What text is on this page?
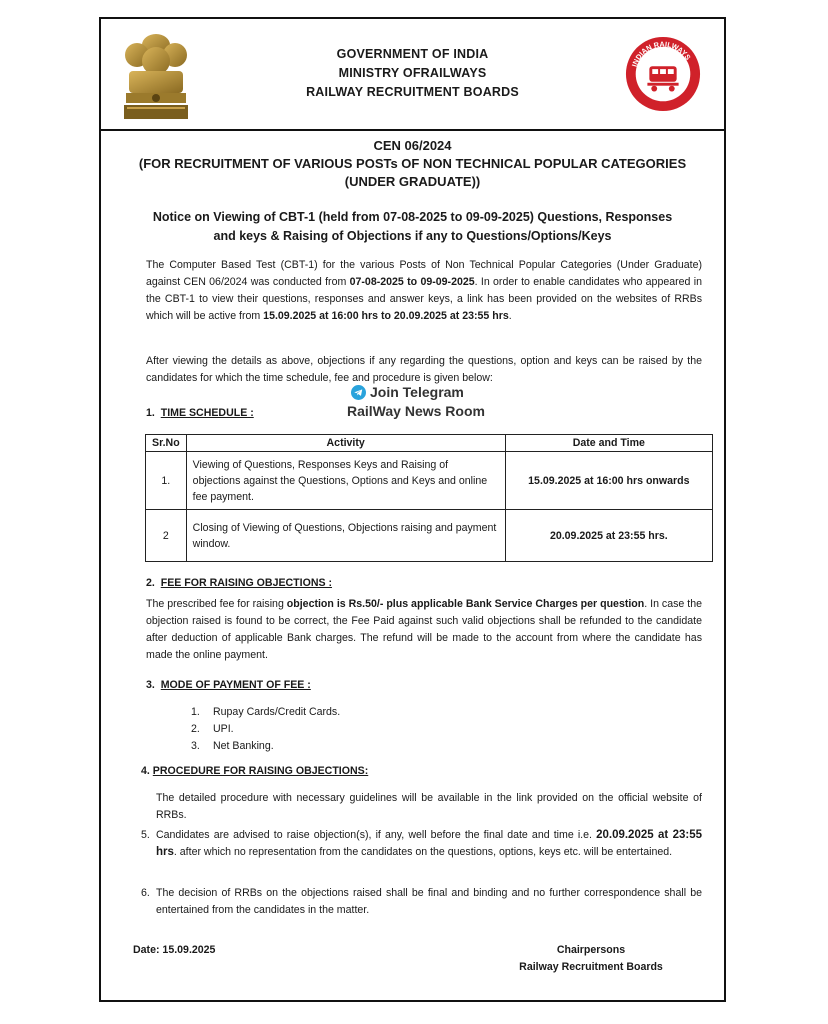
GOVERNMENT OF INDIA
MINISTRY OFRAILWAYS
RAILWAY RECRUITMENT BOARDS
INDIAN RAILWAYS
CEN 06/2024
(FOR RECRUITMENT OF VARIOUS POSTs OF NON TECHNICAL POPULAR CATEGORIES
(UNDER GRADUATE))
Notice on Viewing of CBT-1 (held from 07-08-2025 to 09-09-2025) Questions, Responses
and keys & Raising of Objections if any to Questions/Options/Keys
The Computer Based Test (CBT-1) for the various Posts of Non Technical Popular Categories (Under Graduate) against CEN 06/2024 was conducted from 07-08-2025 to 09-09-2025. In order to enable candidates who appeared in the CBT-1 to view their questions, responses and answer keys, a link has been provided on the websites of RRBs which will be active from 15.09.2025 at 16:00 hrs to 20.09.2025 at 23:55 hrs.
After viewing the details as above, objections if any regarding the questions, option and keys can be raised by the candidates for which the time schedule, fee and procedure is given below:
Join Telegram
RailWay News Room
1. TIME SCHEDULE :
Sr.No	Activity	Date and Time
1.	Viewing of Questions, Responses Keys and Raising of objections against the Questions, Options and Keys and online fee payment.	15.09.2025 at 16:00 hrs onwards
2	Closing of Viewing of Questions, Objections raising and payment window.	20.09.2025 at 23:55 hrs.
2. FEE FOR RAISING OBJECTIONS :
The prescribed fee for raising objection is Rs.50/- plus applicable Bank Service Charges per question. In case the objection raised is found to be correct, the Fee Paid against such valid objections shall be refunded to the candidate after deduction of applicable Bank charges. The refund will be made to the account from where the candidate has made the online payment.
3. MODE OF PAYMENT OF FEE :
1. Rupay Cards/Credit Cards.
2. UPI.
3. Net Banking.
4. PROCEDURE FOR RAISING OBJECTIONS:
The detailed procedure with necessary guidelines will be available in the link provided on the official website of RRBs.
5. Candidates are advised to raise objection(s), if any, well before the final date and time i.e. 20.09.2025 at 23:55 hrs. after which no representation from the candidates on the questions, options, keys etc. will be entertained.
6. The decision of RRBs on the objections raised shall be final and binding and no further correspondence shall be entertained from the candidates in the matter.
Date: 15.09.2025	Chairpersons
Railway Recruitment Boards
